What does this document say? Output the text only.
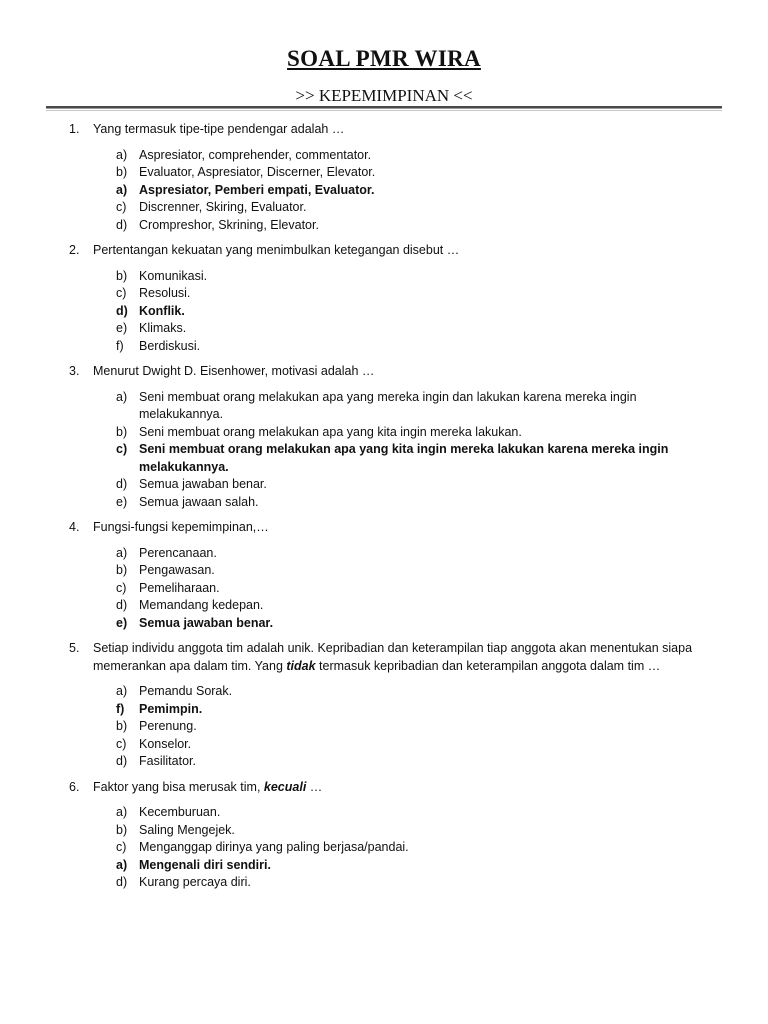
SOAL PMR WIRA
>> KEPEMIMPINAN <<
1. Yang termasuk tipe-tipe pendengar adalah …
a) Aspresiator, comprehender, commentator.
b) Evaluator, Aspresiator, Discerner, Elevator.
a) Aspresiator, Pemberi empati, Evaluator.
c) Discrenner, Skiring, Evaluator.
d) Crompreshor, Skrining, Elevator.
2. Pertentangan kekuatan yang menimbulkan ketegangan disebut …
b) Komunikasi.
c) Resolusi.
d) Konflik.
e) Klimaks.
f) Berdiskusi.
3. Menurut Dwight D. Eisenhower, motivasi adalah …
a) Seni membuat orang melakukan apa yang mereka ingin dan lakukan karena mereka ingin melakukannya.
b) Seni membuat orang melakukan apa yang kita ingin mereka lakukan.
c) Seni membuat orang melakukan apa yang kita ingin mereka lakukan karena mereka ingin melakukannya.
d) Semua jawaban benar.
e) Semua jawaan salah.
4. Fungsi-fungsi kepemimpinan,…
a) Perencanaan.
b) Pengawasan.
c) Pemeliharaan.
d) Memandang kedepan.
e) Semua jawaban benar.
5. Setiap individu anggota tim adalah unik. Kepribadian dan keterampilan tiap anggota akan menentukan siapa memerankan apa dalam tim. Yang tidak termasuk kepribadian dan keterampilan anggota dalam tim …
a) Pemandu Sorak.
f) Pemimpin.
b) Perenung.
c) Konselor.
d) Fasilitator.
6. Faktor yang bisa merusak tim, kecuali …
a) Kecemburuan.
b) Saling Mengejek.
c) Menganggap dirinya yang paling berjasa/pandai.
a) Mengenali diri sendiri.
d) Kurang percaya diri.
